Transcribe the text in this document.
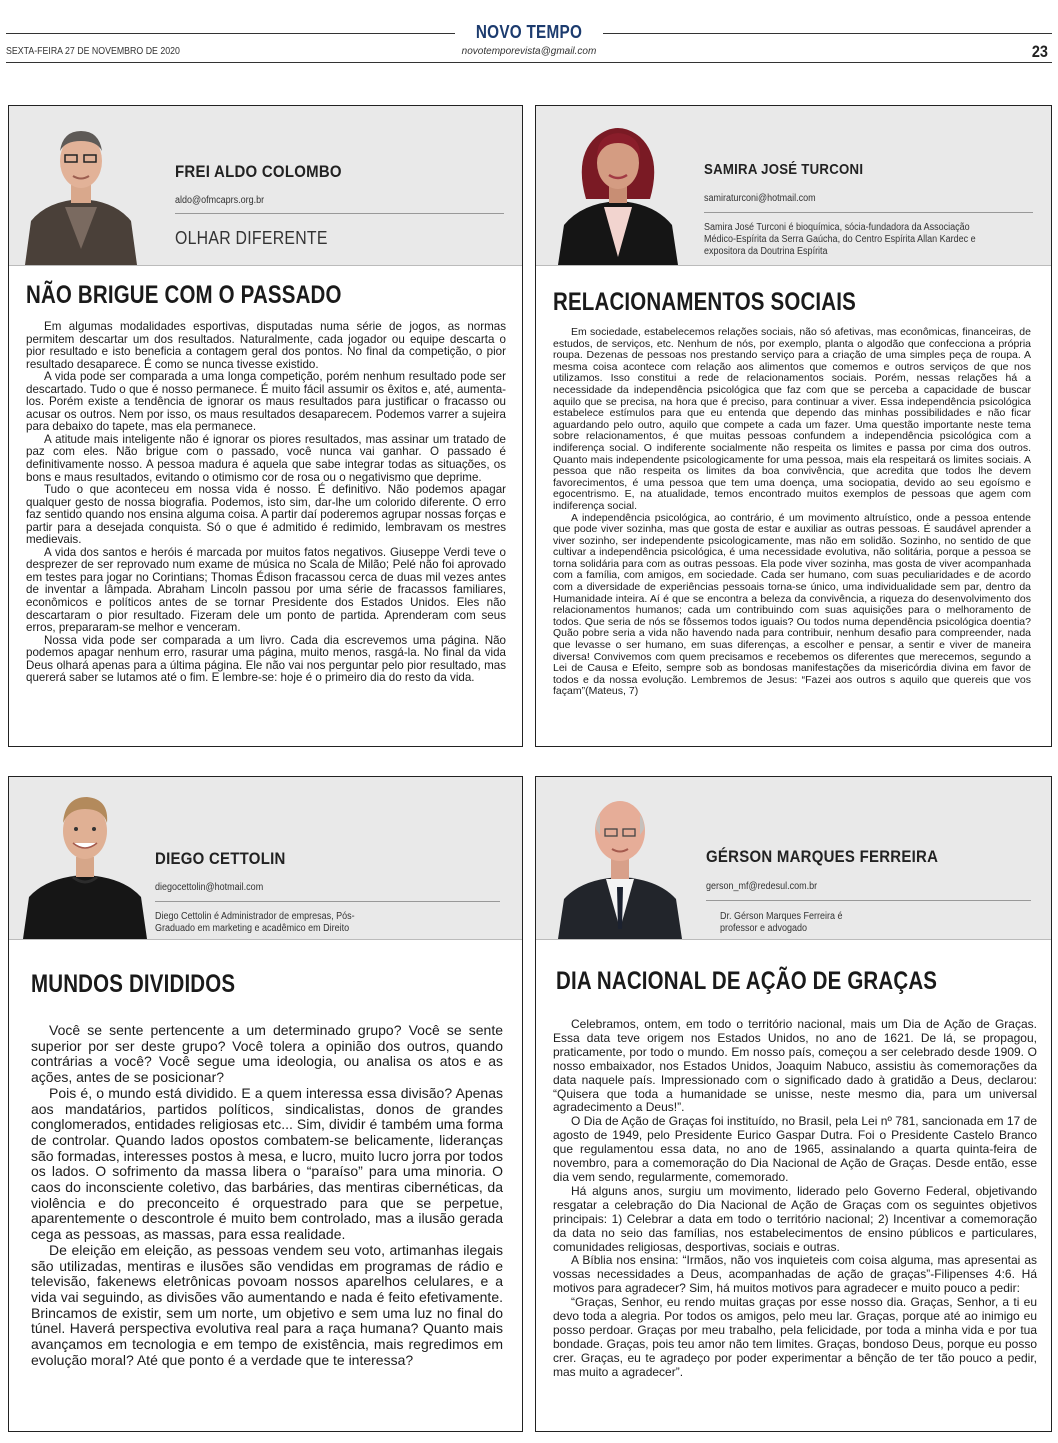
NOVO TEMPO
SEXTA-FEIRA 27 DE NOVEMBRO DE 2020	novotemporevista@gmail.com	23
FREI ALDO COLOMBO
aldo@ofmcaprs.org.br
OLHAR DIFERENTE
NÃO BRIGUE COM O PASSADO

Em algumas modalidades esportivas, disputadas numa série de jogos, as normas permitem descartar um dos resultados. Naturalmente, cada jogador ou equipe descarta o pior resultado e isto beneficia a contagem geral dos pontos. No final da competição, o pior resultado desaparece. É como se nunca tivesse existido.

A vida pode ser comparada a uma longa competição, porém nenhum resultado pode ser descartado. Tudo o que é nosso permanece. É muito fácil assumir os êxitos e, até, aumenta-los. Porém existe a tendência de ignorar os maus resultados para justificar o fracasso ou acusar os outros. Nem por isso, os maus resultados desaparecem. Podemos varrer a sujeira para debaixo do tapete, mas ela permanece.

A atitude mais inteligente não é ignorar os piores resultados, mas assinar um tratado de paz com eles. Não brigue com o passado, você nunca vai ganhar. O passado é definitivamente nosso. A pessoa madura é aquela que sabe integrar todas as situações, os bons e maus resultados, evitando o otimismo cor de rosa ou o negativismo que deprime.

Tudo o que aconteceu em nossa vida é nosso. É definitivo. Não podemos apagar qualquer gesto de nossa biografia. Podemos, isto sim, dar-lhe um colorido diferente. O erro faz sentido quando nos ensina alguma coisa. A partir daí poderemos agrupar nossas forças e partir para a desejada conquista. Só o que é admitido é redimido, lembravam os mestres medievais.

A vida dos santos e heróis é marcada por muitos fatos negativos. Giuseppe Verdi teve o desprezer de ser reprovado num exame de música no Scala de Milão; Pelé não foi aprovado em testes para jogar no Corintians; Thomas Édison fracassou cerca de duas mil vezes antes de inventar a lâmpada. Abraham Lincoln passou por uma série de fracassos familiares, econômicos e políticos antes de se tornar Presidente dos Estados Unidos. Eles não descartaram o pior resultado. Fizeram dele um ponto de partida. Aprenderam com seus erros, prepararam-se melhor e venceram.

Nossa vida pode ser comparada a um livro. Cada dia escrevemos uma página. Não podemos apagar nenhum erro, rasurar uma página, muito menos, rasgá-la. No final da vida Deus olhará apenas para a última página. Ele não vai nos perguntar pelo pior resultado, mas quererá saber se lutamos até o fim. E lembre-se: hoje é o primeiro dia do resto da vida.

SAMIRA JOSÉ TURCONI
samiraturconi@hotmail.com
Samira José Turconi é bioquímica, sócia-fundadora da Associação Médico-Espírita da Serra Gaúcha, do Centro Espírita Allan Kardec e expositora da Doutrina Espírita
RELACIONAMENTOS SOCIAIS

Em sociedade, estabelecemos relações sociais, não só afetivas, mas econômicas, financeiras, de estudos, de serviços, etc. Nenhum de nós, por exemplo, planta o algodão que confecciona a própria roupa. Dezenas de pessoas nos prestando serviço para a criação de uma simples peça de roupa. A mesma coisa acontece com relação aos alimentos que comemos e outros serviços de que nos utilizamos. Isso constitui a rede de relacionamentos sociais. Porém, nessas relações há a necessidade da independência psicológica que faz com que se perceba a capacidade de buscar aquilo que se precisa, na hora que é preciso, para continuar a viver. Essa independência psicológica estabelece estímulos para que eu entenda que dependo das minhas possibilidades e não ficar aguardando pelo outro, aquilo que compete a cada um fazer. Uma questão importante neste tema sobre relacionamentos, é que muitas pessoas confundem a independência psicológica com a indiferença social. O indiferente socialmente não respeita os limites e passa por cima dos outros. Quanto mais independente psicologicamente for uma pessoa, mais ela respeitará os limites sociais. A pessoa que não respeita os limites da boa convivência, que acredita que todos lhe devem favorecimentos, é uma pessoa que tem uma doença, uma sociopatia, devido ao seu egoísmo e egocentrismo. E, na atualidade, temos encontrado muitos exemplos de pessoas que agem com indiferença social.

A independência psicológica, ao contrário, é um movimento altruístico, onde a pessoa entende que pode viver sozinha, mas que gosta de estar e auxiliar as outras pessoas. É saudável aprender a viver sozinho, ser independente psicologicamente, mas não em solidão. Sozinho, no sentido de que cultivar a independência psicológica, é uma necessidade evolutiva, não solitária, porque a pessoa se torna solidária para com as outras pessoas. Ela pode viver sozinha, mas gosta de viver acompanhada com a família, com amigos, em sociedade. Cada ser humano, com suas peculiaridades e de acordo com a diversidade de experiências pessoais torna-se único, uma individualidade sem par, dentro da Humanidade inteira. Aí é que se encontra a beleza da convivência, a riqueza do desenvolvimento dos relacionamentos humanos; cada um contribuindo com suas aquisições para o melhoramento de todos. Que seria de nós se fôssemos todos iguais? Ou todos numa dependência psicológica doentia? Quão pobre seria a vida não havendo nada para contribuir, nenhum desafio para compreender, nada que levasse o ser humano, em suas diferenças, a escolher e pensar, a sentir e viver de maneira diversa! Convivemos com quem precisamos e recebemos os diferentes que merecemos, segundo a Lei de Causa e Efeito, sempre sob as bondosas manifestações da misericórdia divina em favor de todos e da nossa evolução. Lembremos de Jesus: “Fazei aos outros s aquilo que quereis que vos façam”(Mateus, 7)

DIEGO CETTOLIN
diegocettolin@hotmail.com
Diego Cettolin é Administrador de empresas, Pós-Graduado em marketing e acadêmico em Direito
MUNDOS DIVIDIDOS

Você se sente pertencente a um determinado grupo? Você se sente superior por ser deste grupo? Você tolera a opinião dos outros, quando contrárias a você? Você segue uma ideologia, ou analisa os atos e as ações, antes de se posicionar?

Pois é, o mundo está dividido. E a quem interessa essa divisão? Apenas aos mandatários, partidos políticos, sindicalistas, donos de grandes conglomerados, entidades religiosas etc... Sim, dividir é também uma forma de controlar. Quando lados opostos combatem-se belicamente, lideranças são formadas, interesses postos à mesa, e lucro, muito lucro jorra por todos os lados. O sofrimento da massa libera o “paraíso” para uma minoria. O caos do inconsciente coletivo, das barbáries, das mentiras cibernéticas, da violência e do preconceito é orquestrado para que se perpetue, aparentemente o descontrole é muito bem controlado, mas a ilusão gerada cega as pessoas, as massas, para essa realidade.

De eleição em eleição, as pessoas vendem seu voto, artimanhas ilegais são utilizadas, mentiras e ilusões são vendidas em programas de rádio e televisão, fakenews eletrônicas povoam nossos aparelhos celulares, e a vida vai seguindo, as divisões vão aumentando e nada é feito efetivamente. Brincamos de existir, sem um norte, um objetivo e sem uma luz no final do túnel. Haverá perspectiva evolutiva real para a raça humana? Quanto mais avançamos em tecnologia e em tempo de existência, mais regredimos em evolução moral? Até que ponto é a verdade que te interessa?

GÉRSON MARQUES FERREIRA
gerson_mf@redesul.com.br
Dr. Gérson Marques Ferreira é professor e advogado
DIA NACIONAL DE AÇÃO DE GRAÇAS

Celebramos, ontem, em todo o território nacional, mais um Dia de Ação de Graças. Essa data teve origem nos Estados Unidos, no ano de 1621. De lá, se propagou, praticamente, por todo o mundo. Em nosso país, começou a ser celebrado desde 1909. O nosso embaixador, nos Estados Unidos, Joaquim Nabuco, assistiu às comemorações da data naquele país. Impressionado com o significado dado à gratidão a Deus, declarou: “Quisera que toda a humanidade se unisse, neste mesmo dia, para um universal agradecimento a Deus!”.

O Dia de Ação de Graças foi instituído, no Brasil, pela Lei nº 781, sancionada em 17 de agosto de 1949, pelo Presidente Eurico Gaspar Dutra. Foi o Presidente Castelo Branco que regulamentou essa data, no ano de 1965, assinalando a quarta quinta-feira de novembro, para a comemoração do Dia Nacional de Ação de Graças. Desde então, esse dia vem sendo, regularmente, comemorado.

Há alguns anos, surgiu um movimento, liderado pelo Governo Federal, objetivando resgatar a celebração do Dia Nacional de Ação de Graças com os seguintes objetivos principais: 1) Celebrar a data em todo o território nacional; 2) Incentivar a comemoração da data no seio das famílias, nos estabelecimentos de ensino públicos e particulares, comunidades religiosas, desportivas, sociais e outras.

A Bíblia nos ensina: “Irmãos, não vos inquieteis com coisa alguma, mas apresentai as vossas necessidades a Deus, acompanhadas de ação de graças”-Filipenses 4:6. Há motivos para agradecer? Sim, há muitos motivos para agradecer e muito pouco a pedir:

“Graças, Senhor, eu rendo muitas graças por esse nosso dia. Graças, Senhor, a ti eu devo toda a alegria. Por todos os amigos, pelo meu lar. Graças, porque até ao inimigo eu posso perdoar. Graças por meu trabalho, pela felicidade, por toda a minha vida e por tua bondade. Graças, pois teu amor não tem limites. Graças, bondoso Deus, porque eu posso crer. Graças, eu te agradeço por poder experimentar a bênção de ter tão pouco a pedir, mas muito a agradecer”.
